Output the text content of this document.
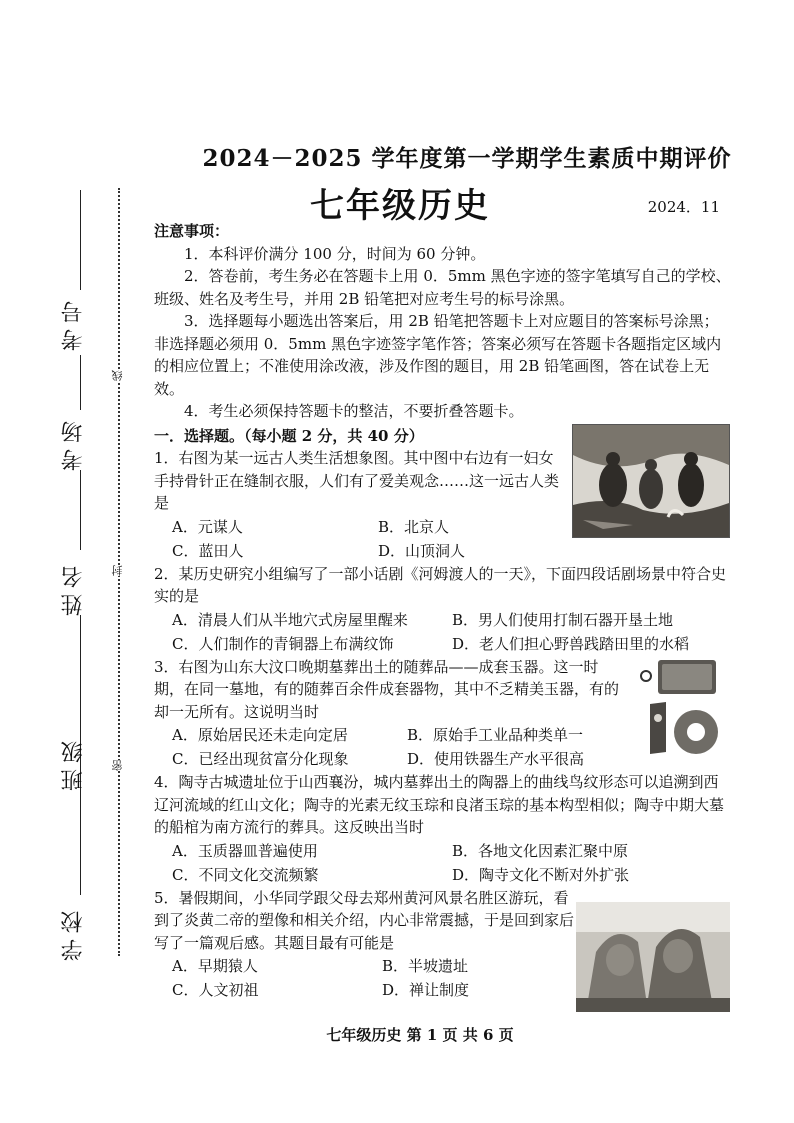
学校
班级
姓名
考场
考号
密
封
线
2024－2025 学年度第一学期学生素质中期评价
七年级历史	2024．11

注意事项：

1．本科评价满分 100 分，时间为 60 分钟。

2．答卷前，考生务必在答题卡上用 0．5mm 黑色字迹的签字笔填写自己的学校、班级、姓名及考生号，并用 2B 铅笔把对应考生号的标号涂黑。

3．选择题每小题选出答案后，用 2B 铅笔把答题卡上对应题目的答案标号涂黑；非选择题必须用 0．5mm 黑色字迹签字笔作答；答案必须写在答题卡各题指定区域内的相应位置上；不准使用涂改液，涉及作图的题目，用 2B 铅笔画图，答在试卷上无效。

4．考生必须保持答题卡的整洁，不要折叠答题卡。

一．选择题。（每小题 2 分，共 40 分）

1．右图为某一远古人类生活想象图。其中图中右边有一妇女手持骨针正在缝制衣服，人们有了爱美观念……这一远古人类是

A．元谋人	B．北京人
C．蓝田人	D．山顶洞人

2．某历史研究小组编写了一部小话剧《河姆渡人的一天》，下面四段话剧场景中符合史实的是

A．清晨人们从半地穴式房屋里醒来	B．男人们使用打制石器开垦土地
C．人们制作的青铜器上布满纹饰	D．老人们担心野兽践踏田里的水稻

3．右图为山东大汶口晚期墓葬出土的随葬品——成套玉器。这一时期，在同一墓地，有的随葬百余件成套器物，其中不乏精美玉器，有的却一无所有。这说明当时

A．原始居民还未走向定居	B．原始手工业品种类单一
C．已经出现贫富分化现象	D．使用铁器生产水平很高

4．陶寺古城遗址位于山西襄汾，城内墓葬出土的陶器上的曲线鸟纹形态可以追溯到西辽河流域的红山文化；陶寺的光素无纹玉琮和良渚玉琮的基本构型相似；陶寺中期大墓的船棺为南方流行的葬具。这反映出当时

A．玉质器皿普遍使用	B．各地文化因素汇聚中原
C．不同文化交流频繁	D．陶寺文化不断对外扩张

5．暑假期间，小华同学跟父母去郑州黄河风景名胜区游玩，看到了炎黄二帝的塑像和相关介绍，内心非常震撼，于是回到家后写了一篇观后感。其题目最有可能是

A．早期猿人	B．半坡遗址
C．人文初祖	D．禅让制度
七年级历史 第 1 页 共 6 页
